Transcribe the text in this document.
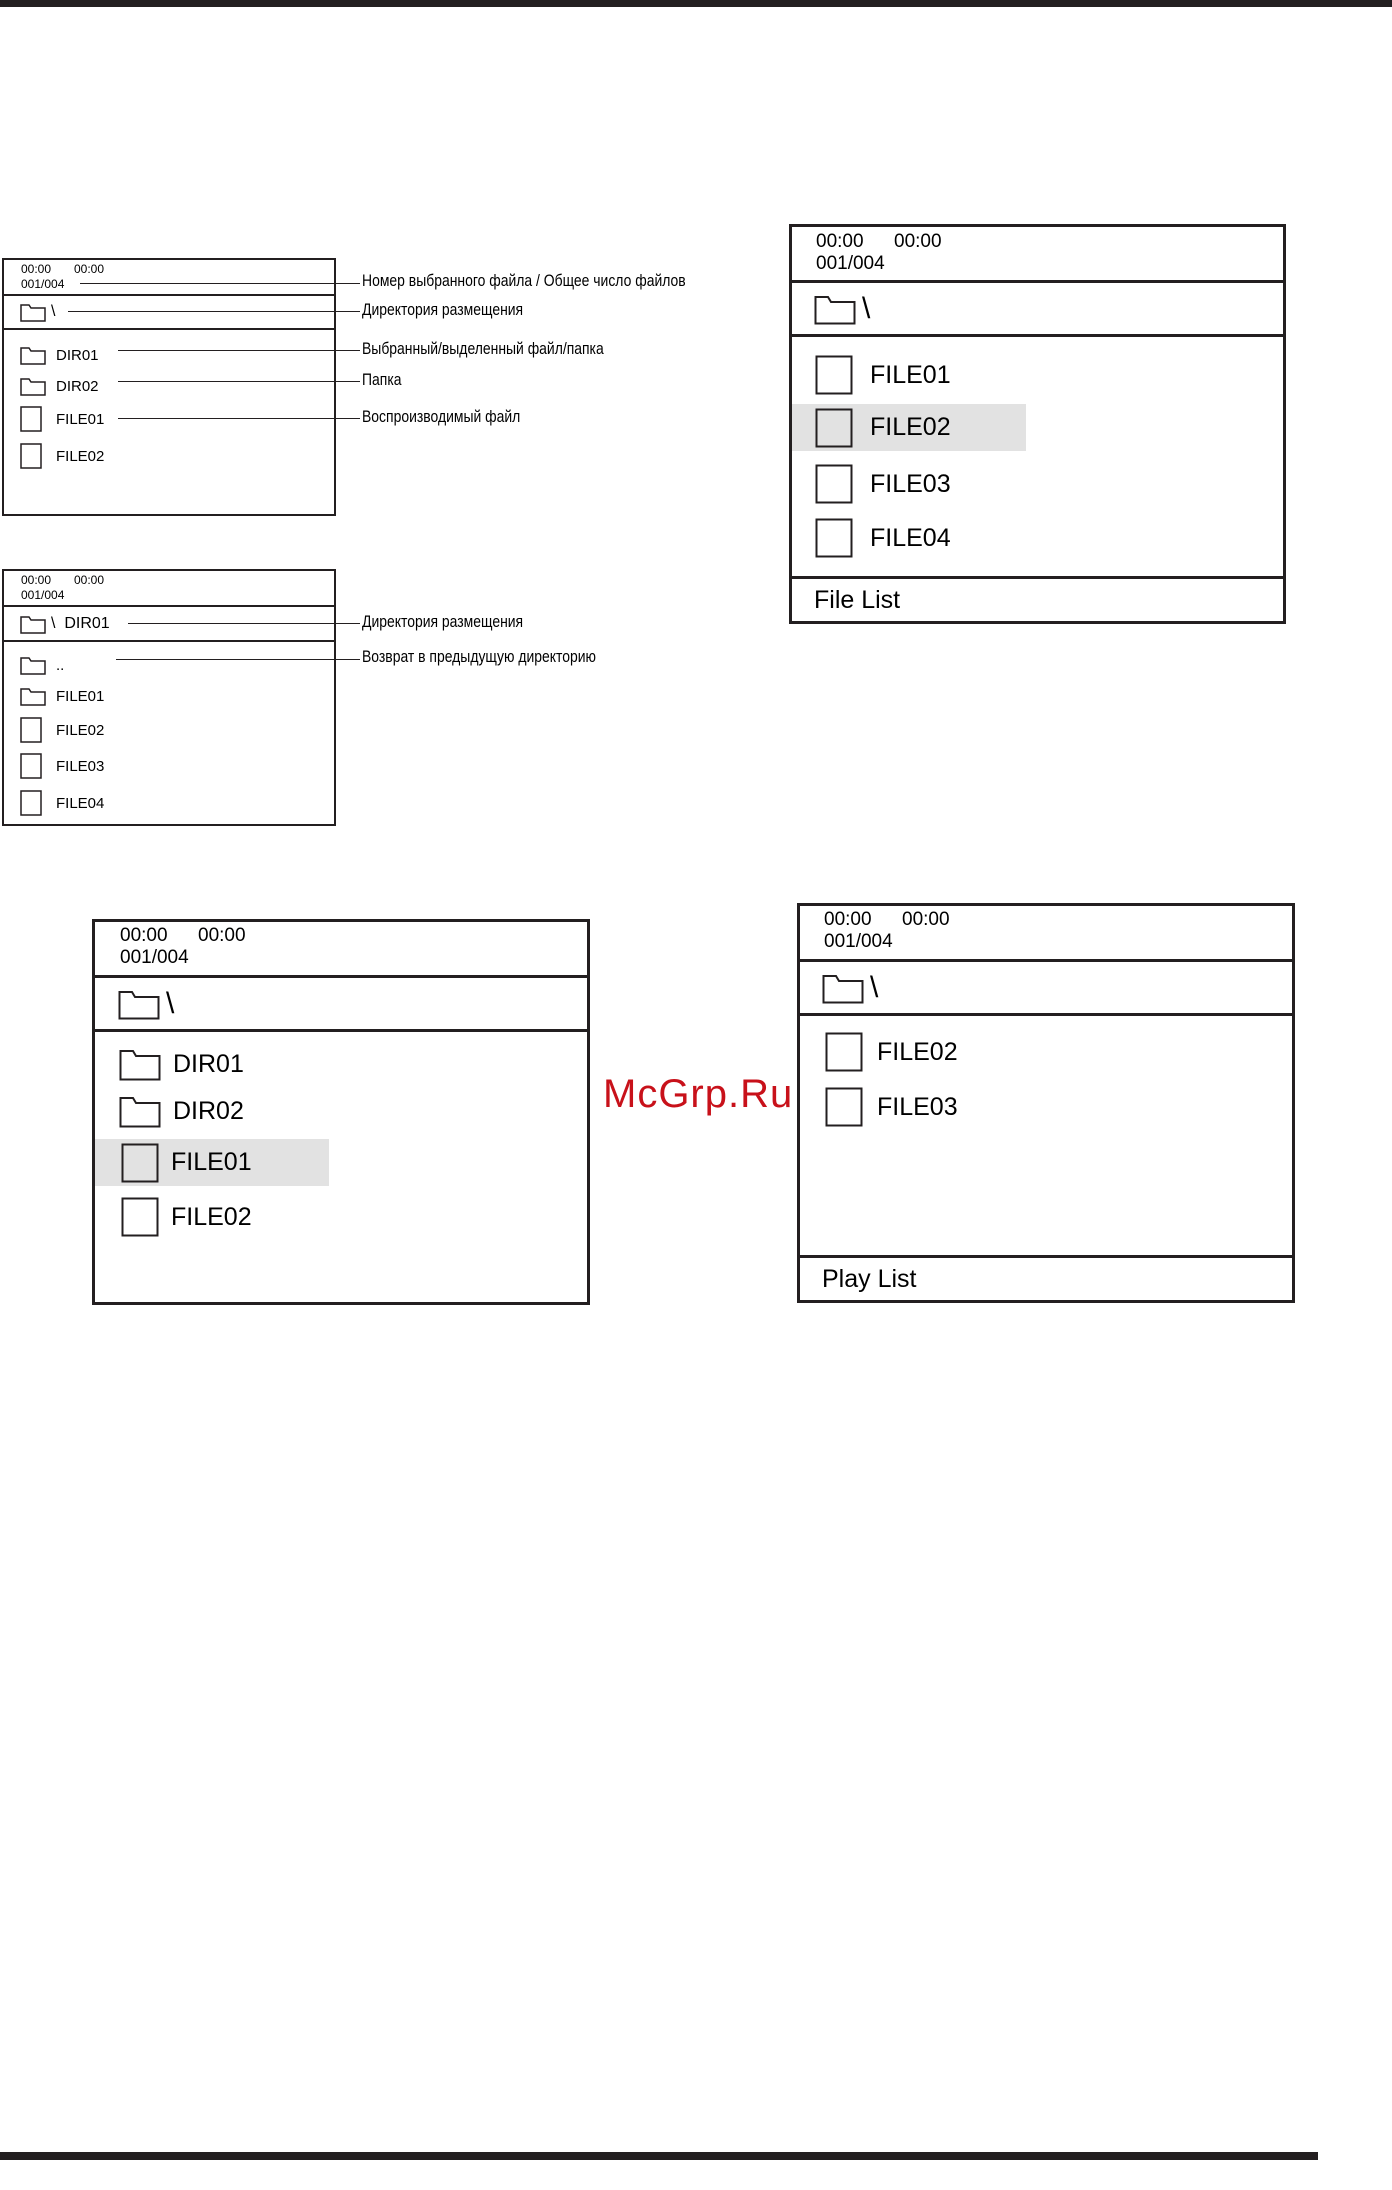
00:00 00:00
001/004
\
DIR01
DIR02
FILE01
FILE02
Номер выбранного файла / Общее число файлов
Директория размещения
Выбранный/выделенный файл/папка
Папка
Воспроизводимый файл
00:00 00:00
001/004
\  DIR01
..
FILE01
FILE02
FILE03
FILE04
Директория размещения
Возврат в предыдущую директорию
00:00 00:00
001/004
\
FILE01
FILE02
FILE03
FILE04
File List
00:00 00:00
001/004
\
DIR01
DIR02
FILE01
FILE02
00:00 00:00
001/004
\
FILE02
FILE03
Play List
McGrp.Ru
